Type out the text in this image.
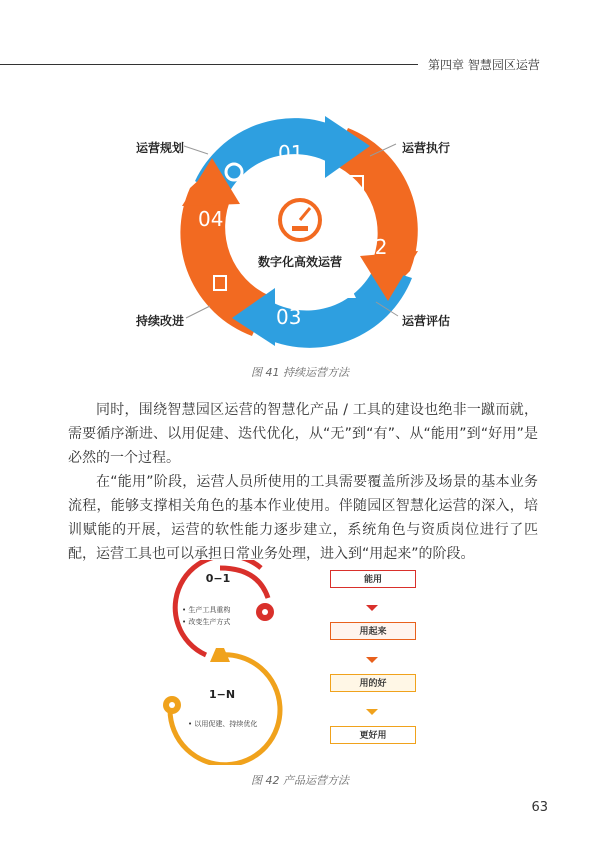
第四章 智慧园区运营
01
02
03
04
数字化高效运营
运营规划	运营执行
运营评估
持续改进
图 41 持续运营方法

同时，围绕智慧园区运营的智慧化产品 / 工具的建设也绝非一蹴而就，需要循序渐进、以用促建、迭代优化，从“无”到“有”、从“能用”到“好用”是必然的一个过程。

在“能用”阶段，运营人员所使用的工具需要覆盖所涉及场景的基本业务流程，能够支撑相关角色的基本作业使用。伴随园区智慧化运营的深入，培训赋能的开展，运营的软性能力逐步建立，系统角色与资质岗位进行了匹配，运营工具也可以承担日常业务处理，进入到“用起来”的阶段。

0−1
• 生产工具重构
• 改变生产方式
1−N
• 以用促建、持续优化
能用
用起来
用的好
更好用
图 42 产品运营方法
63
